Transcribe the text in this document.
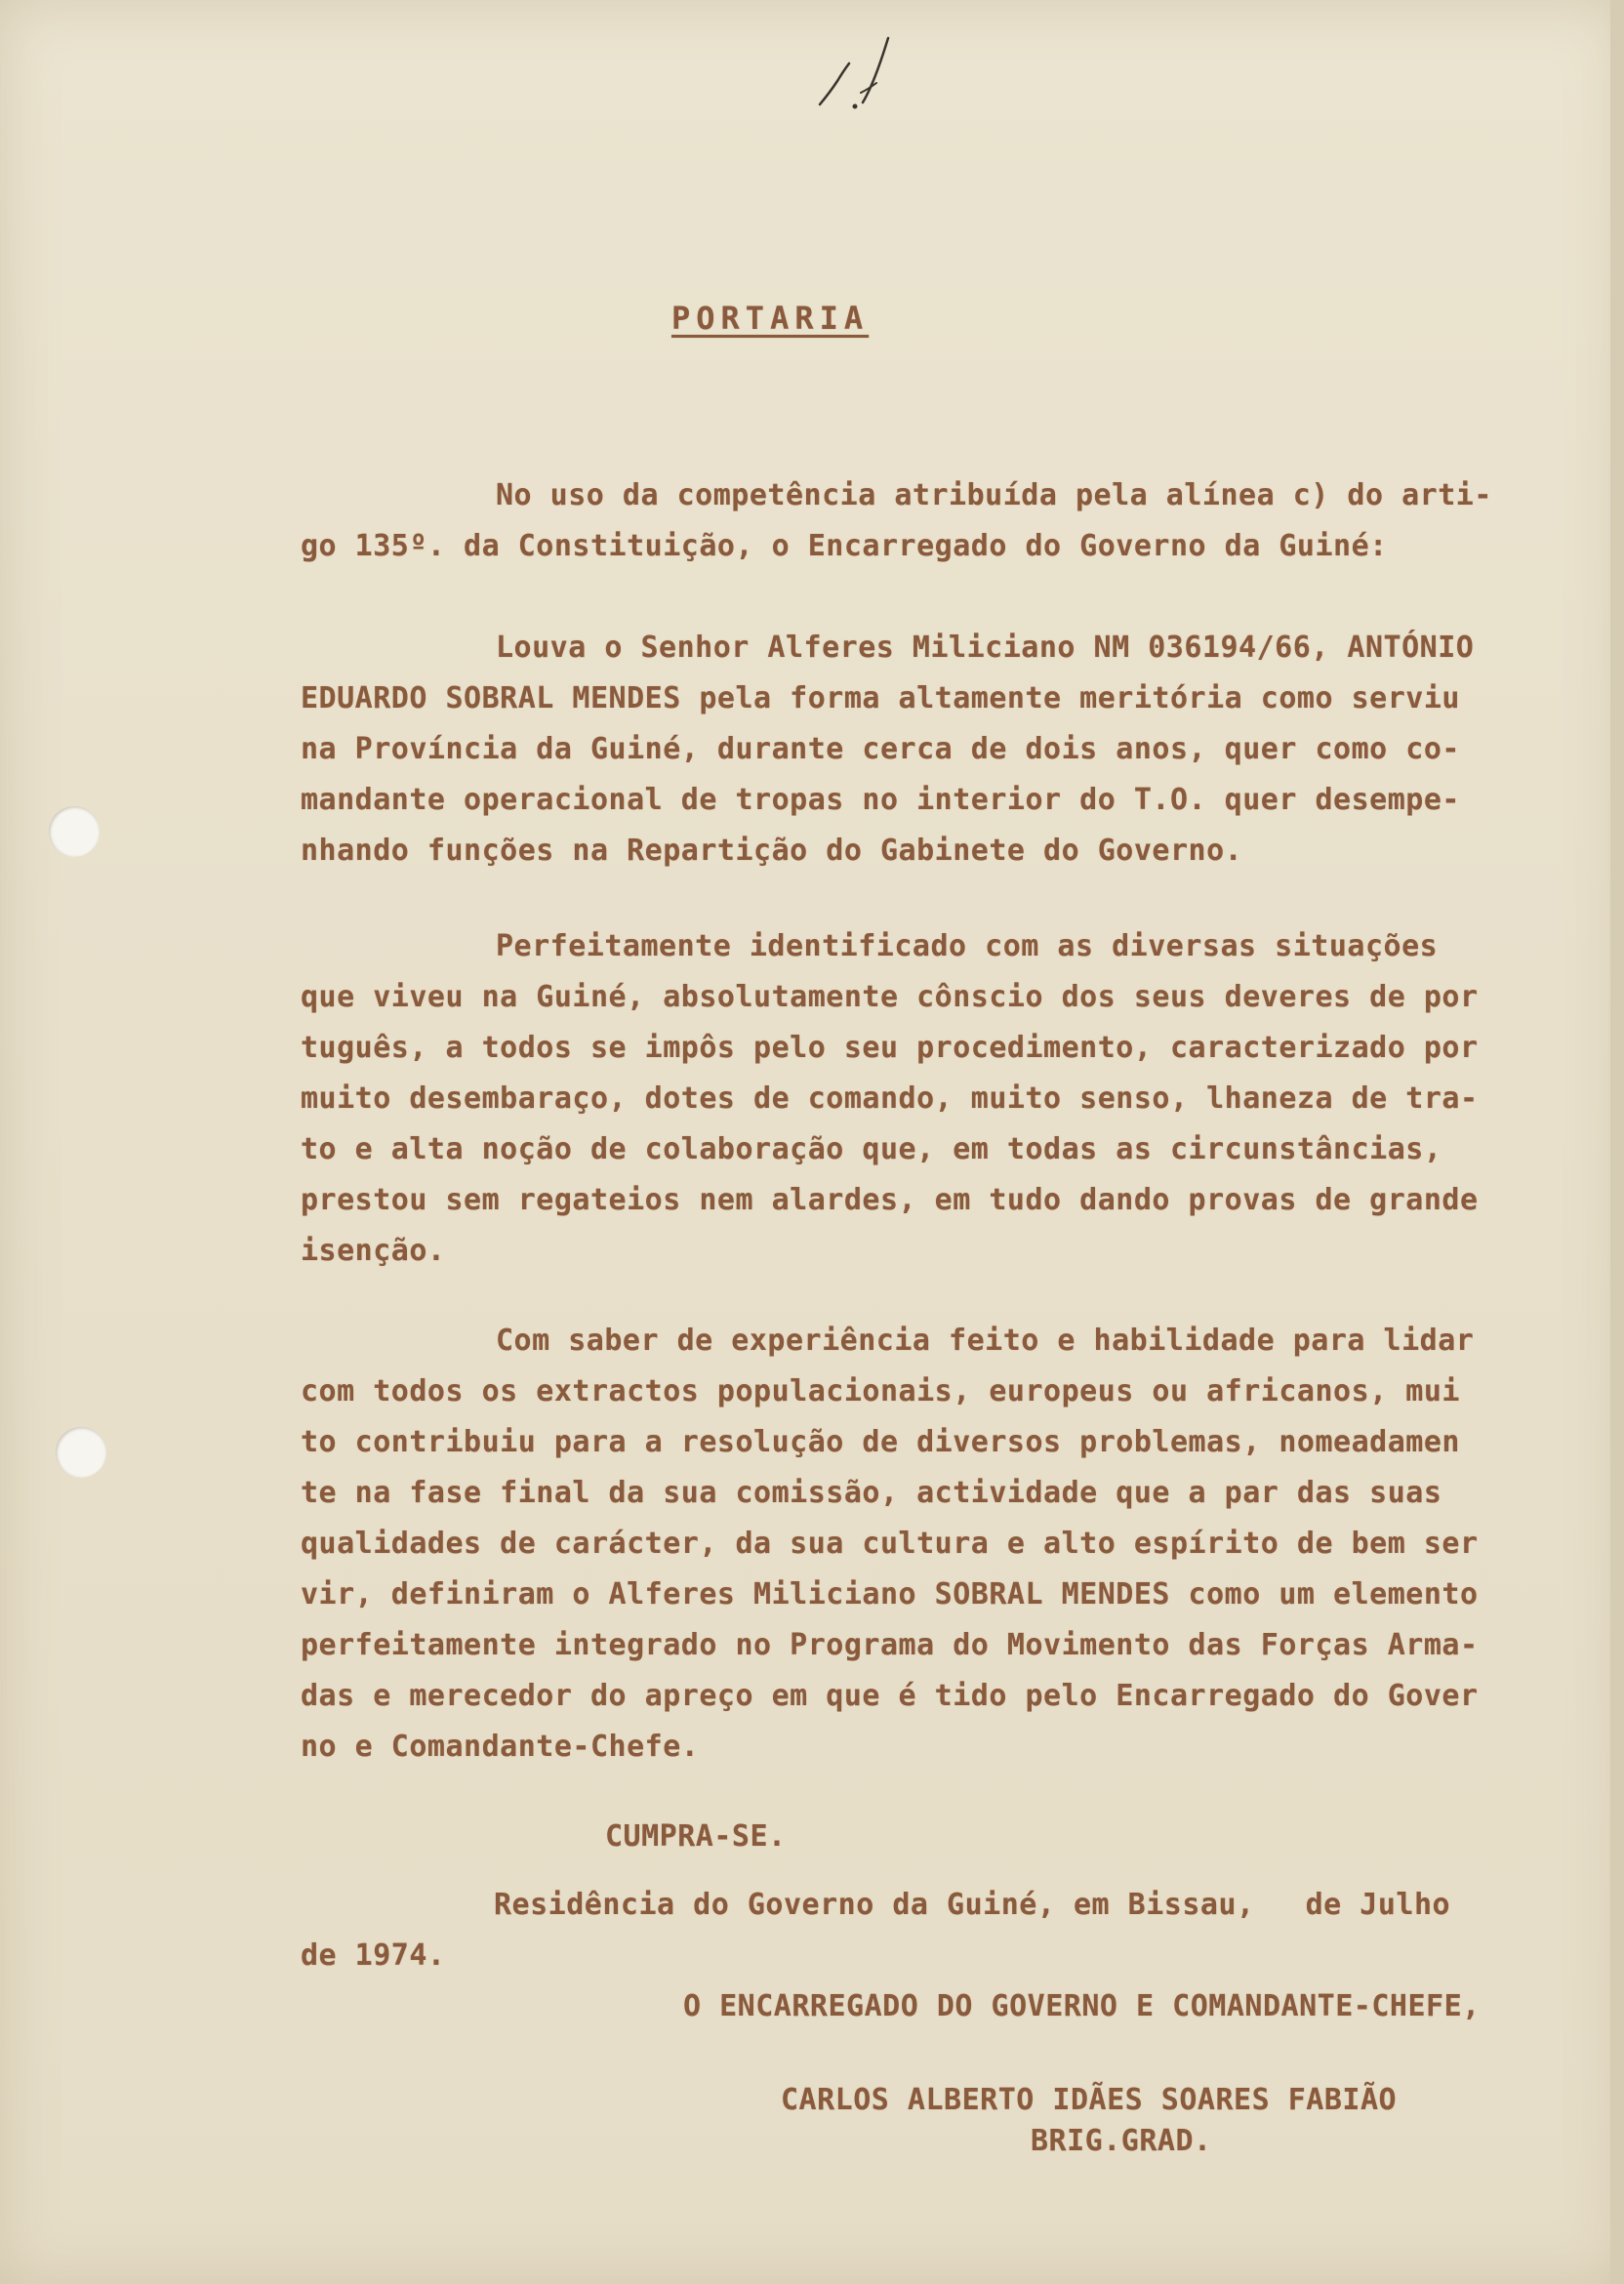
PORTARIA
No uso da competência atribuída pela alínea c) do arti-
go 135º. da Constituição, o Encarregado do Governo da Guiné:
Louva o Senhor Alferes Miliciano NM 036194/66, ANTÓNIO
EDUARDO SOBRAL MENDES pela forma altamente meritória como serviu
na Província da Guiné, durante cerca de dois anos, quer como co-
mandante operacional de tropas no interior do T.O. quer desempe-
nhando funções na Repartição do Gabinete do Governo.
Perfeitamente identificado com as diversas situações
que viveu na Guiné, absolutamente cônscio dos seus deveres de por
tuguês, a todos se impôs pelo seu procedimento, caracterizado por
muito desembaraço, dotes de comando, muito senso, lhaneza de tra-
to e alta noção de colaboração que, em todas as circunstâncias,
prestou sem regateios nem alardes, em tudo dando provas de grande
isenção.
Com saber de experiência feito e habilidade para lidar
com todos os extractos populacionais, europeus ou africanos, mui
to contribuiu para a resolução de diversos problemas, nomeadamen
te na fase final da sua comissão, actividade que a par das suas
qualidades de carácter, da sua cultura e alto espírito de bem ser
vir, definiram o Alferes Miliciano SOBRAL MENDES como um elemento
perfeitamente integrado no Programa do Movimento das Forças Arma-
das e merecedor do apreço em que é tido pelo Encarregado do Gover
no e Comandante-Chefe.
CUMPRA-SE.
Residência do Governo da Guiné, em Bissau, de Julho
de 1974.
O ENCARREGADO DO GOVERNO E COMANDANTE-CHEFE,
CARLOS ALBERTO IDÃES SOARES FABIÃO
BRIG.GRAD.
